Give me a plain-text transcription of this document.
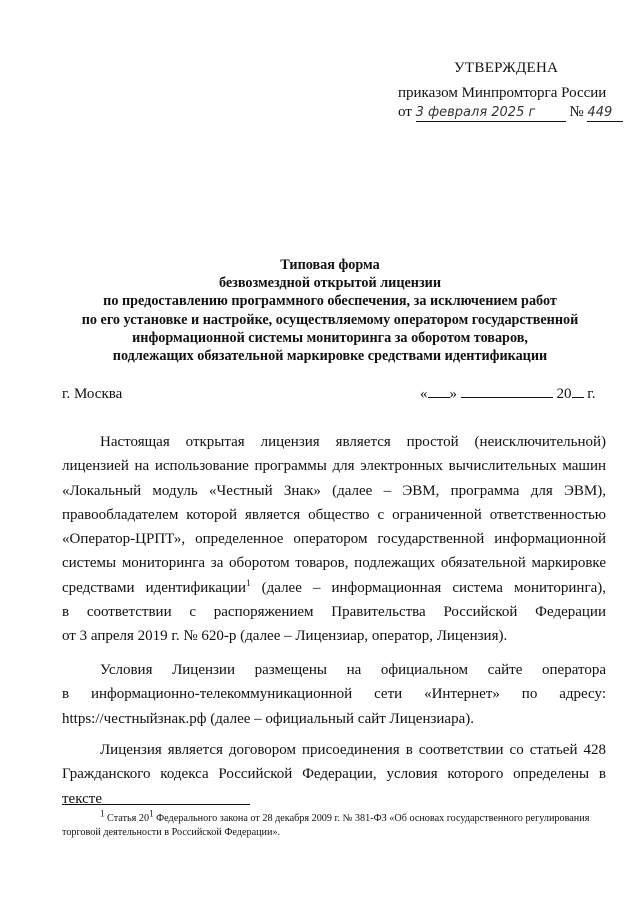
УТВЕРЖДЕНА
приказом Минпромторга России
от 3 февраля 2025 г № 449
Типовая форма
безвозмездной открытой лицензии
по предоставлению программного обеспечения, за исключением работ
по его установке и настройке, осуществляемому оператором государственной
информационной системы мониторинга за оборотом товаров,
подлежащих обязательной маркировке средствами идентификации
г. Москва	« »	20 г.
Настоящая открытая лицензия является простой (неисключительной)
лицензией на использование программы для электронных вычислительных машин
«Локальный модуль «Честный Знак» (далее – ЭВМ, программа для ЭВМ),
правообладателем которой является общество с ограниченной ответственностью
«Оператор-ЦРПТ», определенное оператором государственной информационной
системы мониторинга за оборотом товаров, подлежащих обязательной маркировке
средствами идентификации$^1$ (далее – информационная система мониторинга),
в соответствии с распоряжением Правительства Российской Федерации
от 3 апреля 2019 г. № 620-р (далее – Лицензиар, оператор, Лицензия).
Условия Лицензии размещены на официальном сайте оператора
в информационно-телекоммуникационной сети «Интернет» по адресу:
https://честныйзнак.рф (далее – официальный сайт Лицензиара).
Лицензия является договором присоединения в соответствии со статьей 428
Гражданского кодекса Российской Федерации, условия которого определены в тексте
$^1$ Статья $20^1$ Федерального закона от 28 декабря 2009 г. № 381-ФЗ «Об основах государственного регулирования
торговой деятельности в Российской Федерации».
